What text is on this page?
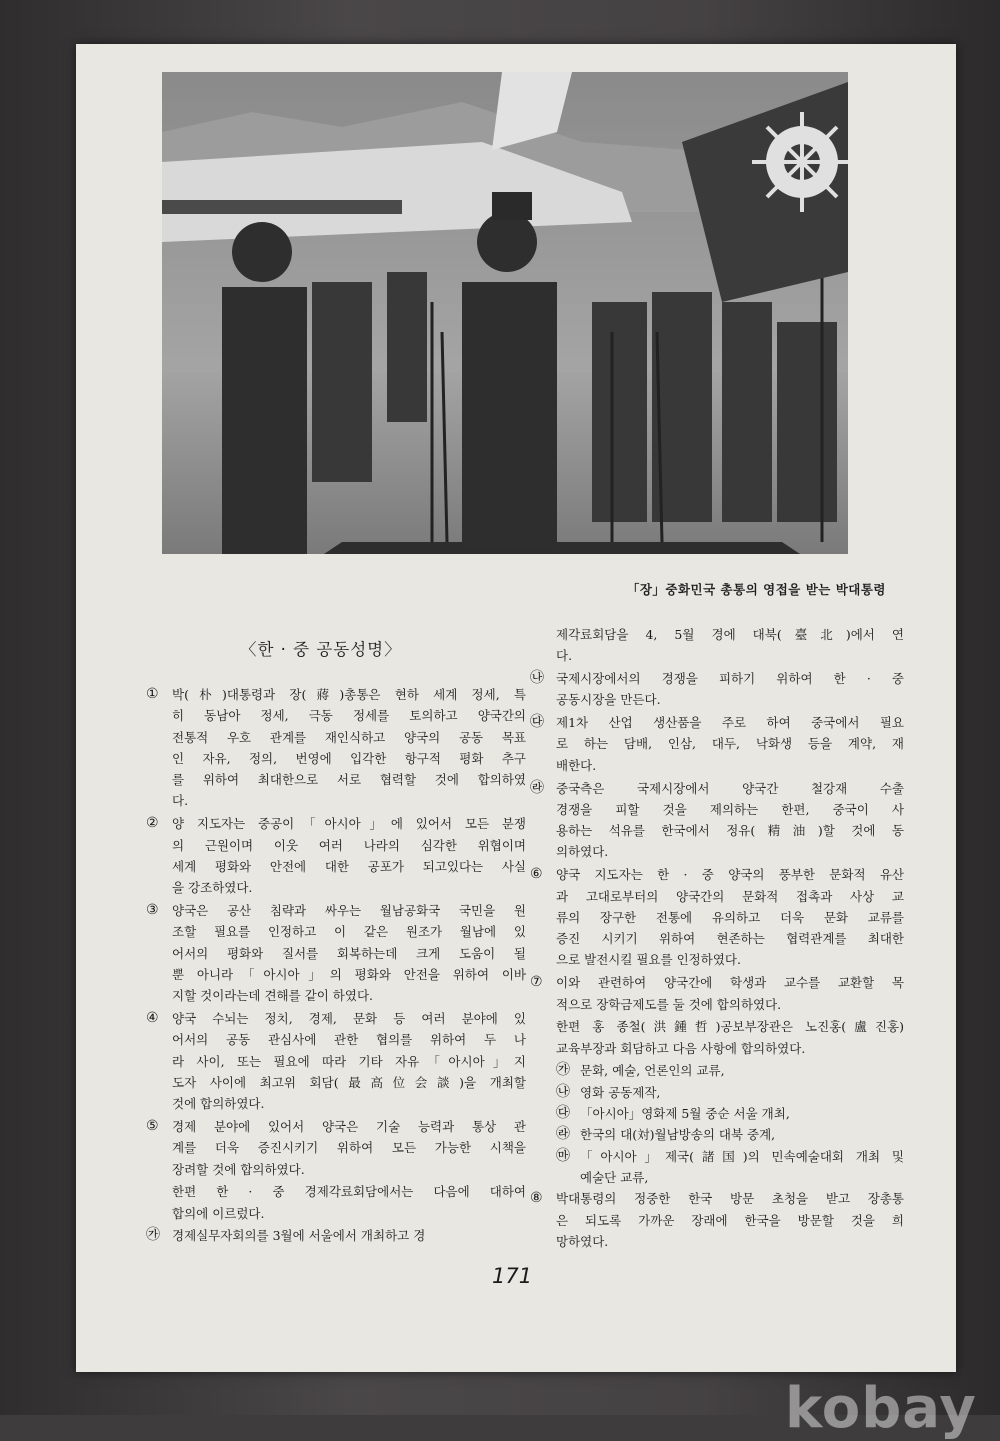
「장」중화민국 총통의 영접을 받는 박대통령
〈한 · 중 공동성명〉
①	박(朴)대통령과 장(蔣)총통은 현하 세계 정세, 특
히 동남아 정세, 극동 정세를 토의하고 양국간의
전통적 우호 관계를 재인식하고 양국의 공동 목표
인 자유, 정의, 번영에 입각한 항구적 평화 추구
를 위하여 최대한으로 서로 협력할 것에 합의하였
다.
②	양 지도자는 중공이「아시아」에 있어서 모든 분쟁
의 근원이며 이웃 여러 나라의 심각한 위협이며
세계 평화와 안전에 대한 공포가 되고있다는 사실
을 강조하였다.
③	양국은 공산 침략과 싸우는 월남공화국 국민을 원
조할 필요를 인정하고 이 같은 원조가 월남에 있
어서의 평화와 질서를 회복하는데 크게 도움이 될
뿐 아니라「아시아」의 평화와 안전을 위하여 이바
지할 것이라는데 견해를 같이 하였다.
④	양국 수뇌는 정치, 경제, 문화 등 여러 분야에 있
어서의 공동 관심사에 관한 협의를 위하여 두 나
라 사이, 또는 필요에 따라 기타 자유「아시아」지
도자 사이에 최고위 회담(最高位会談)을 개최할
것에 합의하였다.
⑤	경제 분야에 있어서 양국은 기술 능력과 통상 관
계를 더욱 증진시키기 위하여 모든 가능한 시책을
장려할 것에 합의하였다.
한편 한 · 중 경제각료회담에서는 다음에 대하여
합의에 이르렀다.
㉮ 경제실무자회의를 3월에 서울에서 개최하고 경
제각료회담을 4, 5월 경에 대북(臺北)에서 연
다.
㉯ 국제시장에서의 경쟁을 피하기 위하여 한 · 중
공동시장을 만든다.
㉰ 제1차 산업 생산품을 주로 하여 중국에서 필요
로 하는 담배, 인삼, 대두, 낙화생 등을 계약, 재
배한다.
㉱ 중국측은 국제시장에서 양국간 철강재 수출
경쟁을 피할 것을 제의하는 한편, 중국이 사
용하는 석유를 한국에서 정유(精油)할 것에 동
의하였다.
⑥	양국 지도자는 한 · 중 양국의 풍부한 문화적 유산
과 고대로부터의 양국간의 문화적 접촉과 사상 교
류의 장구한 전통에 유의하고 더욱 문화 교류를
증진 시키기 위하여 현존하는 협력관계를 최대한
으로 발전시킬 필요를 인정하였다.
⑦	이와 관련하여 양국간에 학생과 교수를 교환할 목
적으로 장학금제도를 둘 것에 합의하였다.
한편 홍 종철(洪鍾哲)공보부장관은 노진홍(盧진홍)
교육부장과 회담하고 다음 사항에 합의하였다.
㉮ 문화, 예술, 언론인의 교류,
㉯ 영화 공동제작,
㉰ 「아시아」영화제 5월 중순 서울 개최,
㉱ 한국의 대(対)월남방송의 대북 중계,
㉲ 「아시아」제국(諸国)의 민속예술대회 개최 및
예술단 교류,
⑧	박대통령의 정중한 한국 방문 초청을 받고 장총통
은 되도록 가까운 장래에 한국을 방문할 것을 희
망하였다.
171
kobay
